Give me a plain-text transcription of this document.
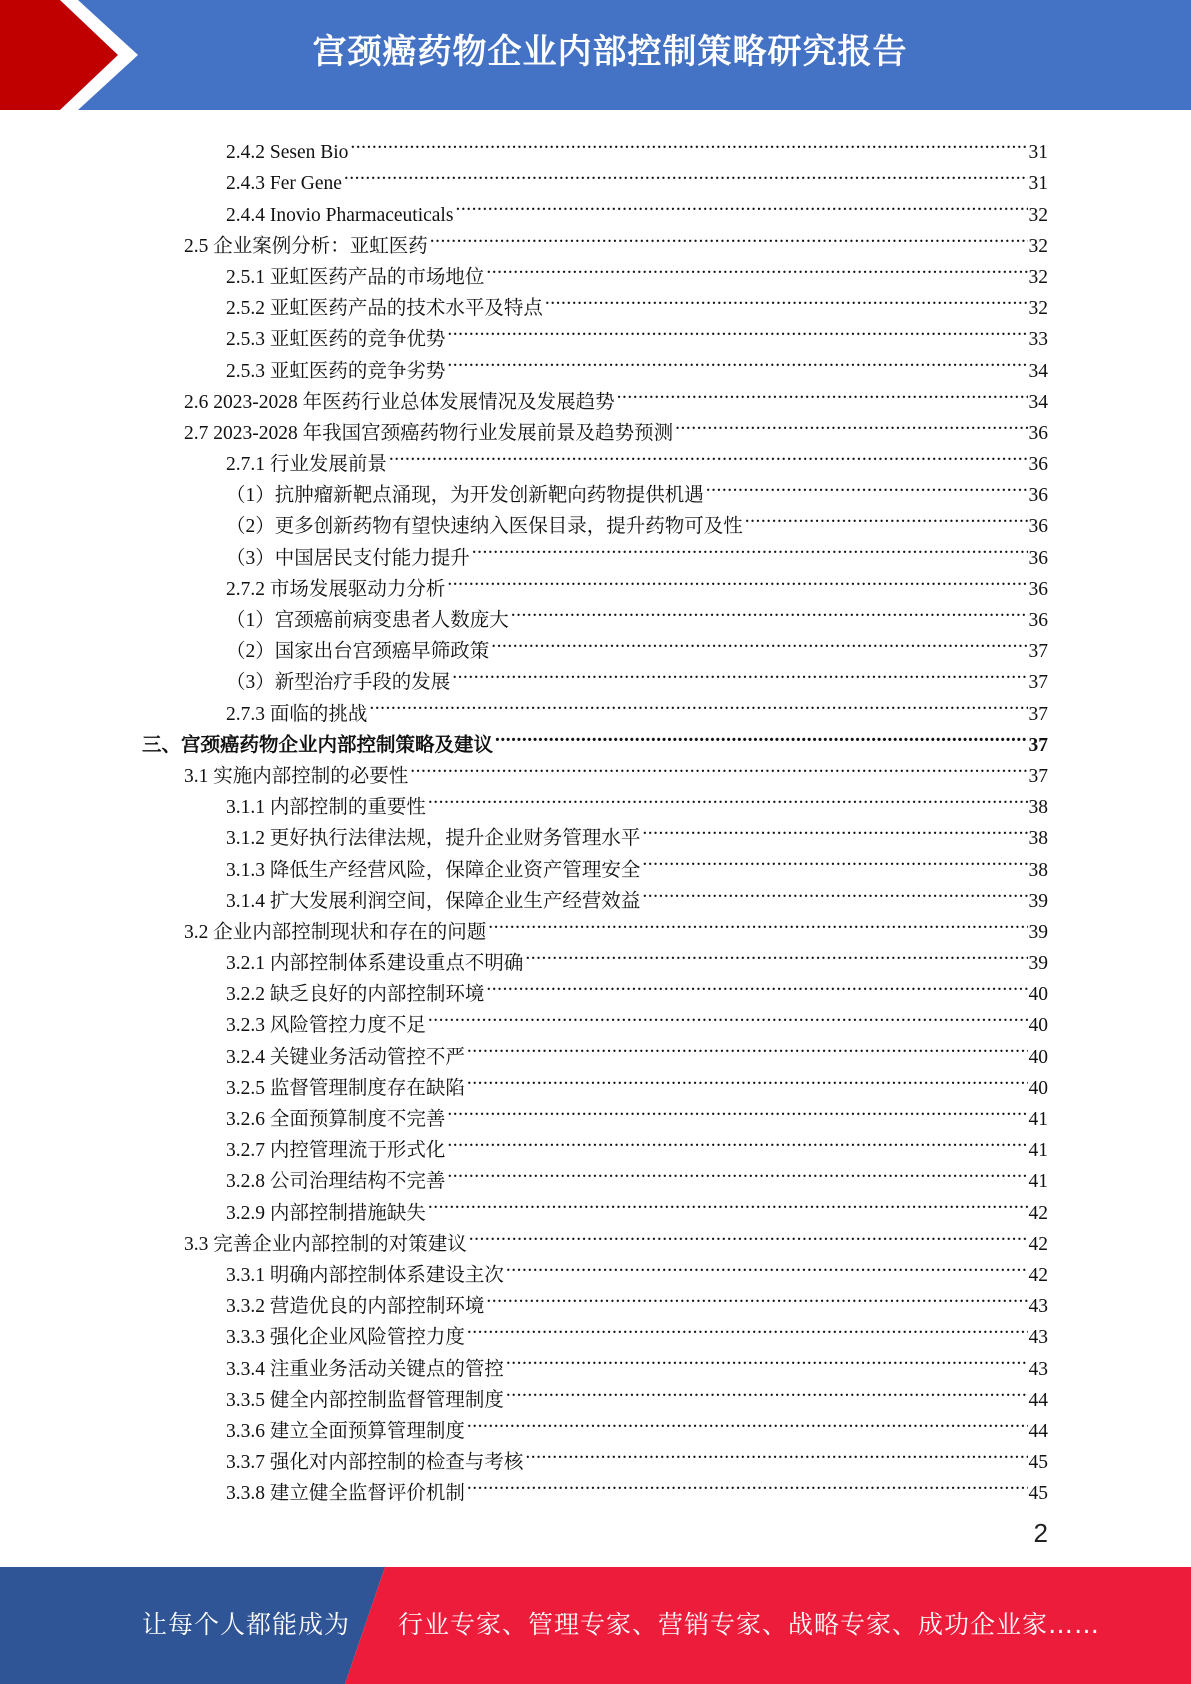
宫颈癌药物企业内部控制策略研究报告
2.4.2 Sesen Bio .....	31
2.4.3 Fer Gene .....	31
2.4.4 Inovio Pharmaceuticals .....	32
2.5 企业案例分析：亚虹医药 .....	32
2.5.1 亚虹医药产品的市场地位 .....	32
2.5.2 亚虹医药产品的技术水平及特点 .....	32
2.5.3 亚虹医药的竞争优势 .....	33
2.5.3 亚虹医药的竞争劣势 .....	34
2.6 2023-2028 年医药行业总体发展情况及发展趋势 .....	34
2.7 2023-2028 年我国宫颈癌药物行业发展前景及趋势预测 .....	36
2.7.1 行业发展前景 .....	36
（1）抗肿瘤新靶点涌现，为开发创新靶向药物提供机遇 .....	36
（2）更多创新药物有望快速纳入医保目录，提升药物可及性 .....	36
（3）中国居民支付能力提升 .....	36
2.7.2 市场发展驱动力分析 .....	36
（1）宫颈癌前病变患者人数庞大 .....	36
（2）国家出台宫颈癌早筛政策 .....	37
（3）新型治疗手段的发展 .....	37
2.7.3 面临的挑战 .....	37
三、宫颈癌药物企业内部控制策略及建议 .....	37
3.1 实施内部控制的必要性 .....	37
3.1.1 内部控制的重要性 .....	38
3.1.2 更好执行法律法规，提升企业财务管理水平 .....	38
3.1.3 降低生产经营风险，保障企业资产管理安全 .....	38
3.1.4 扩大发展利润空间，保障企业生产经营效益 .....	39
3.2 企业内部控制现状和存在的问题 .....	39
3.2.1 内部控制体系建设重点不明确 .....	39
3.2.2 缺乏良好的内部控制环境 .....	40
3.2.3 风险管控力度不足 .....	40
3.2.4 关键业务活动管控不严 .....	40
3.2.5 监督管理制度存在缺陷 .....	40
3.2.6 全面预算制度不完善 .....	41
3.2.7 内控管理流于形式化 .....	41
3.2.8 公司治理结构不完善 .....	41
3.2.9 内部控制措施缺失 .....	42
3.3 完善企业内部控制的对策建议 .....	42
3.3.1 明确内部控制体系建设主次 .....	42
3.3.2 营造优良的内部控制环境 .....	43
3.3.3 强化企业风险管控力度 .....	43
3.3.4 注重业务活动关键点的管控 .....	43
3.3.5 健全内部控制监督管理制度 .....	44
3.3.6 建立全面预算管理制度 .....	44
3.3.7 强化对内部控制的检查与考核 .....	45
3.3.8 建立健全监督评价机制 .....	45
2
让每个人都能成为 行业专家、管理专家、营销专家、战略专家、成功企业家……
